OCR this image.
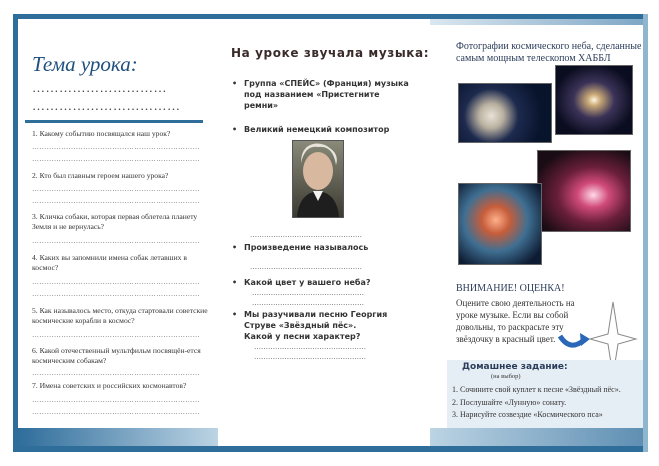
Тема урока:
…………………………
……………………………
1. Какому событию посвящался наш урок?
……………………………………………………………
……………………………………………………………
2. Кто был главным героем нашего урока?
……………………………………………………………
……………………………………………………………
3. Кличка собаки, которая первая облетела планету Земля и не вернулась?
……………………………………………………………
4. Каких вы запомнили имена собак летавших в космос?
……………………………………………………………
……………………………………………………………
5. Как называлось место, откуда стартовали советские космические корабли в космос?
……………………………………………………………
6. Какой отечественный мультфильм посвящён-ется космическим собакам?
……………………………………………………………
7. Имена советских и российских космонавтов?
……………………………………………………………
……………………………………………………………
На уроке звучала музыка:
• Группа «СПЕЙС» (Франция) музыка под названием «Пристегните ремни»
• Великий немецкий композитор
…………………………………………
• Произведение называлось
…………………………………………
• Какой цвет у вашего неба?
…………………………………………
…………………………………………
• Мы разучивали песню Георгия Струве «Звёздный пёс».
Какой у песни характер?
…………………………………………
…………………………………………
Фотографии космического неба, сделанные самым мощным телескопом ХАББЛ
ВНИМАНИЕ! ОЦЕНКА!
Оцените свою деятельность на уроке музыке. Если вы собой довольны, то раскрасьте эту звёздочку в красный цвет.
Домашнее задание:
(на выбор)
1. Сочините свой куплет к песне «Звёздный пёс».
2. Послушайте «Лунную» сонату.
3. Нарисуйте созвездие «Космического пса»
